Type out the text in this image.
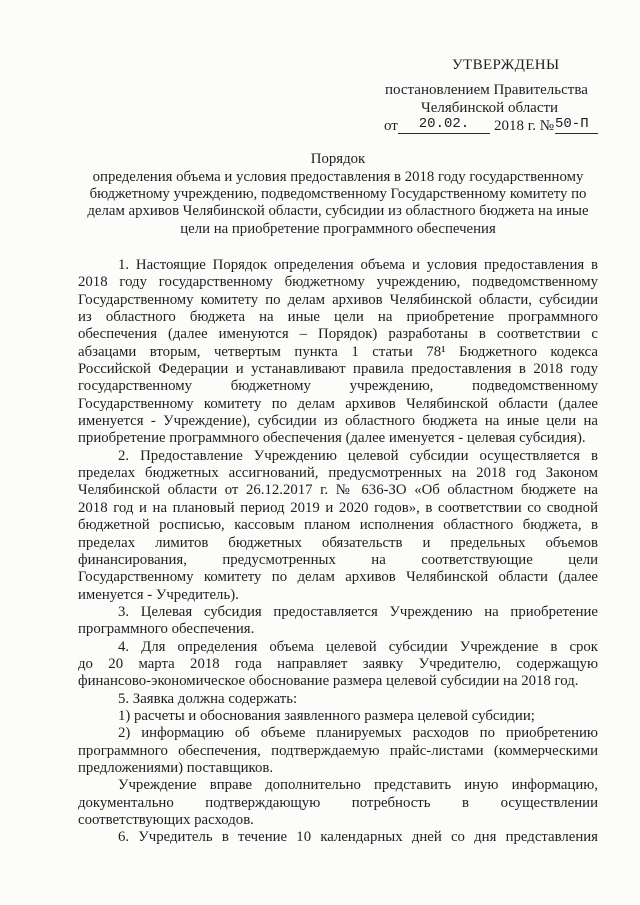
УТВЕРЖДЕНЫ
постановлением Правительства
Челябинской области
от	20.02.	2018 г. № 50-П
Порядок
определения объема и условия предоставления в 2018 году государственному
бюджетному учреждению, подведомственному Государственному комитету по
делам архивов Челябинской области, субсидии из областного бюджета на иные
цели на приобретение программного обеспечения
1. Настоящие Порядок определения объема и условия предоставления в
2018 году государственному бюджетному учреждению, подведомственному
Государственному комитету по делам архивов Челябинской области, субсидии
из областного бюджета на иные цели на приобретение программного
обеспечения (далее именуются – Порядок) разработаны в соответствии с
абзацами вторым, четвертым пункта 1 статьи 78¹ Бюджетного кодекса
Российской Федерации и устанавливают правила предоставления в 2018 году
государственному бюджетному учреждению, подведомственному
Государственному комитету по делам архивов Челябинской области (далее
именуется - Учреждение), субсидии из областного бюджета на иные цели на
приобретение программного обеспечения (далее именуется - целевая субсидия).
2. Предоставление Учреждению целевой субсидии осуществляется в
пределах бюджетных ассигнований, предусмотренных на 2018 год Законом
Челябинской области от 26.12.2017 г. № 636-ЗО «Об областном бюджете на
2018 год и на плановый период 2019 и 2020 годов», в соответствии со сводной
бюджетной росписью, кассовым планом исполнения областного бюджета, в
пределах лимитов бюджетных обязательств и предельных объемов
финансирования, предусмотренных на соответствующие цели
Государственному комитету по делам архивов Челябинской области (далее
именуется - Учредитель).
3. Целевая субсидия предоставляется Учреждению на приобретение
программного обеспечения.
4. Для определения объема целевой субсидии Учреждение в срок
до 20 марта 2018 года направляет заявку Учредителю, содержащую
финансово-экономическое обоснование размера целевой субсидии на 2018 год.
5. Заявка должна содержать:
1) расчеты и обоснования заявленного размера целевой субсидии;
2) информацию об объеме планируемых расходов по приобретению
программного обеспечения, подтверждаемую прайс-листами (коммерческими
предложениями) поставщиков.
Учреждение вправе дополнительно представить иную информацию,
документально подтверждающую потребность в осуществлении
соответствующих расходов.
6. Учредитель в течение 10 календарных дней со дня представления
